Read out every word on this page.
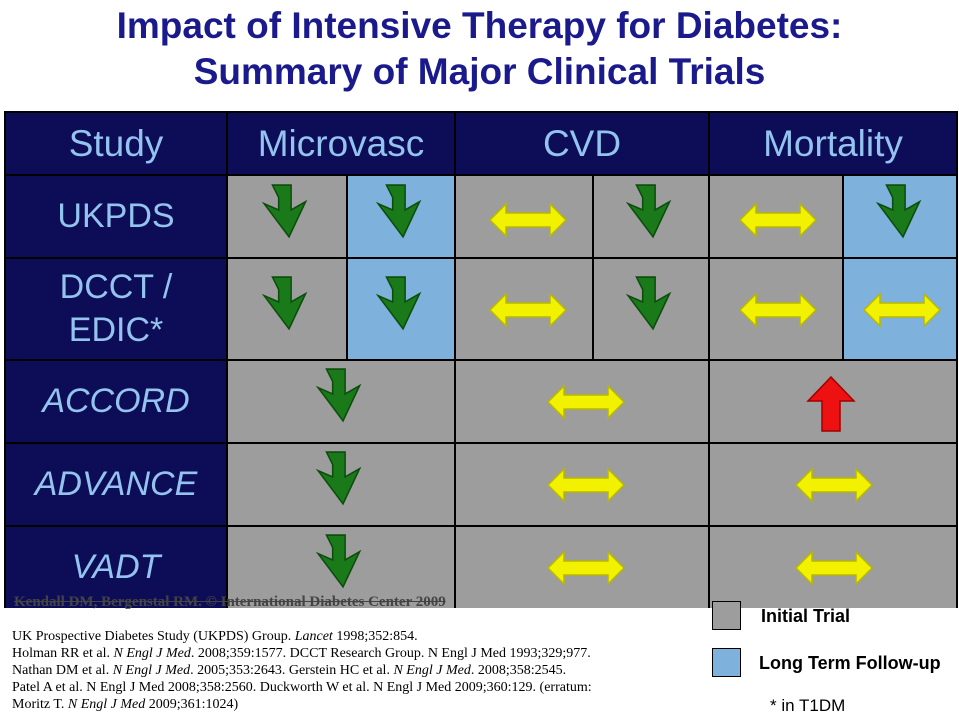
Impact of Intensive Therapy for Diabetes:
Summary of Major Clinical Trials
Study	Microvasc	CVD	Mortality
UKPDS
DCCT / EDIC*
ACCORD
ADVANCE
VADT
Kendall DM, Bergenstal RM. © International Diabetes Center 2009
UK Prospective Diabetes Study (UKPDS) Group. Lancet 1998;352:854.
Holman RR et al. N Engl J Med. 2008;359:1577. DCCT Research Group. N Engl J Med 1993;329;977.
Nathan DM et al. N Engl J Med. 2005;353:2643. Gerstein HC et al. N Engl J Med. 2008;358:2545.
Patel A et al. N Engl J Med 2008;358:2560. Duckworth W et al. N Engl J Med 2009;360:129. (erratum:
Moritz T. N Engl J Med 2009;361:1024)
Initial Trial
Long Term Follow-up
* in T1DM
